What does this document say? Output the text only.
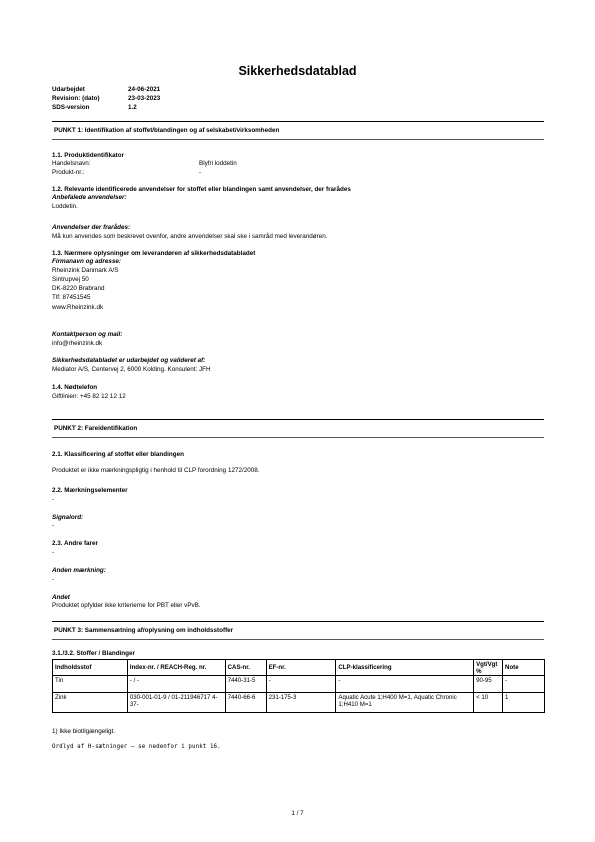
Sikkerhedsdatablad
Udarbejdet	24-06-2021
Revision: (dato)	23-03-2023
SDS-version	1.2
PUNKT 1: Identifikation af stoffet/blandingen og af selskabet/virksomheden
1.1. Produktidentifikator
Handelsnavn:	Blyfri loddetin
Produkt-nr.:	-
1.2. Relevante identificerede anvendelser for stoffet eller blandingen samt anvendelser, der frarådes
Anbefalede anvendelser:
Loddetin.
Anvendelser der frarådes:
Må kun anvendes som beskrevet ovenfor, andre anvendelser skal ske i samråd med leverandøren.
1.3. Nærmere oplysninger om leverandøren af sikkerhedsdatabladet
Firmanavn og adresse:
Rheinzink Danmark A/S
Sintrupvej 50
DK-8220 Brabrand
Tlf: 87451545
www.Rheinzink.dk
Kontaktperson og mail:
info@rheinzink.dk
Sikkerhedsdatabladet er udarbejdet og valideret af:
Mediator A/S, Centervej 2, 6000 Kolding. Konsulent: JFH
1.4. Nødtelefon
Giftlinien: +45 82 12 12 12
PUNKT 2: Fareidentifikation
2.1. Klassificering af stoffet eller blandingen
Produktet er ikke mærkningspligtig i henhold til CLP forordning 1272/2008.
2.2. Mærkningselementer
-
Signalord:
-
2.3. Andre farer
-
Anden mærkning:
-
Andet
Produktet opfylder ikke kriterierne for PBT eller vPvB.
PUNKT 3: Sammensætning af/oplysning om indholdsstoffer
3.1./3.2. Stoffer / Blandinger
Indholdsstof	Index-nr. / REACH-Reg. nr.	CAS-nr.	EF-nr.	CLP-klassificering	Vgt/Vgt %	Note
Tin	- / -	7440-31-5	-	-	90-95	-
Zink	030-001-01-9 / 01-211946717 4-37-	7440-66-6	231-175-3	Aquatic Acute 1;H400 M=1, Aquatic Chronic 1;H410 M=1	< 10	1
1) Ikke biotilgængeligt.
Ordlyd af H-sætninger – se nedenfor i punkt 16.
1 / 7
